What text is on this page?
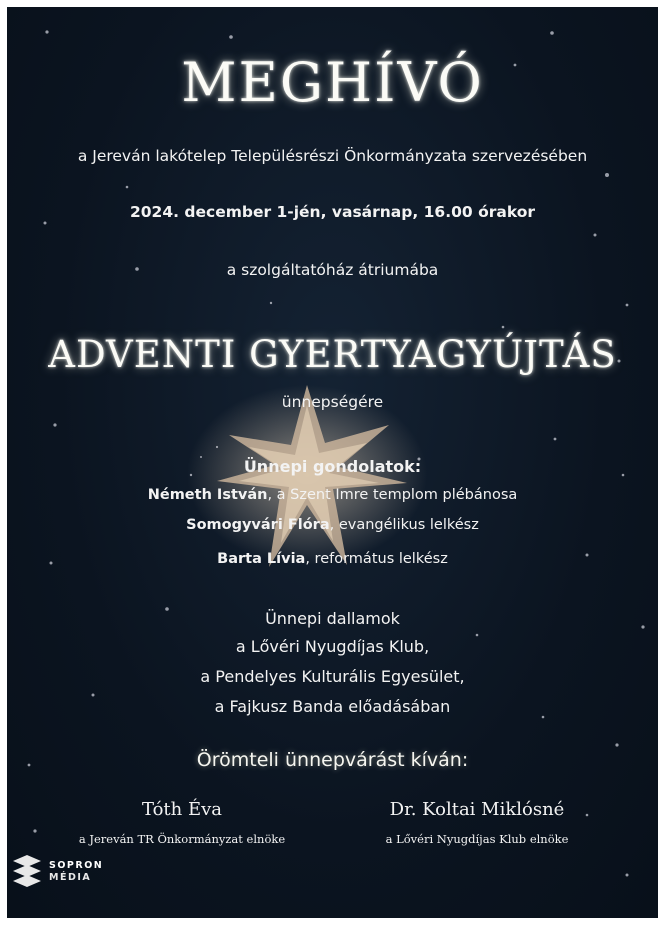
MEGHÍVÓ
a Jereván lakótelep Településrészi Önkormányzata szervezésében
2024. december 1-jén, vasárnap, 16.00 órakor
a szolgáltatóház átriumába
ADVENTI GYERTYAGYÚJTÁS
ünnepségére
Ünnepi gondolatok:
Németh István, a Szent Imre templom plébánosa
Somogyvári Flóra, evangélikus lelkész
Barta Lívia, református lelkész
Ünnepi dallamok
a Lővéri Nyugdíjas Klub,
a Pendelyes Kulturális Egyesület,
a Fajkusz Banda előadásában
Örömteli ünnepvárást kíván:
Tóth Éva
a Jereván TR Önkormányzat elnöke
Dr. Koltai Miklósné
a Lővéri Nyugdíjas Klub elnöke
SOPRON
MÉDIA
